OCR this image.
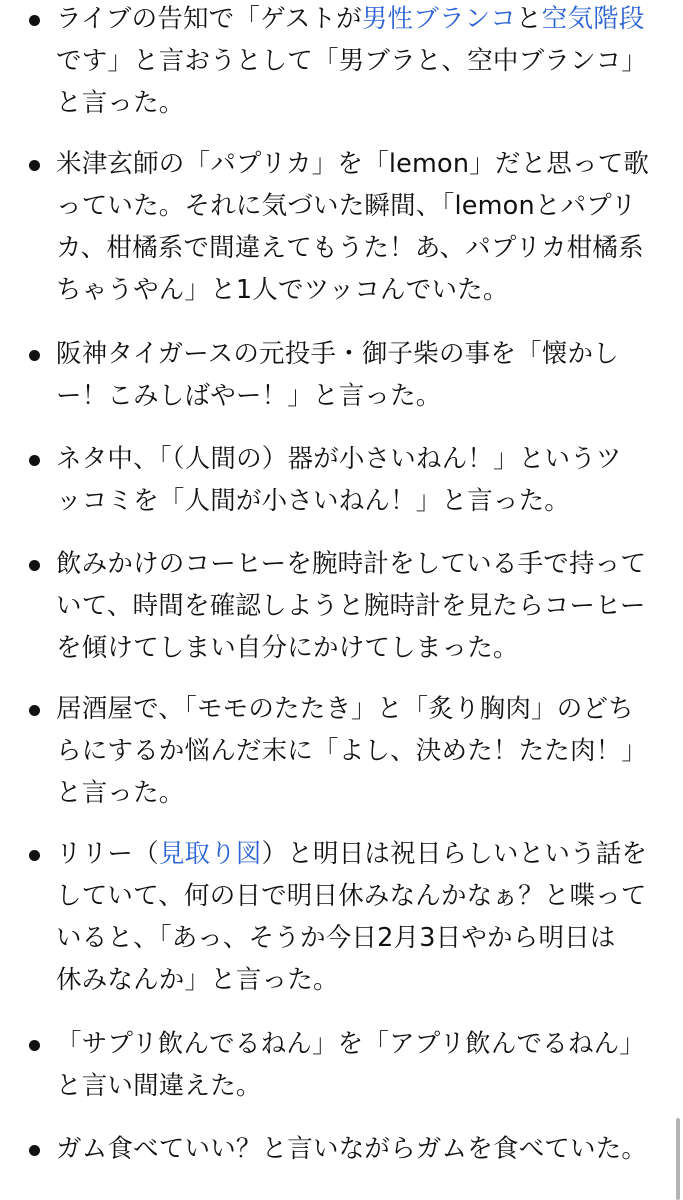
ライブの告知で「ゲストが男性ブランコと空気階段
です」と言おうとして「男ブラと、空中ブランコ」
と言った。
米津玄師の「パプリカ」を「lemon」だと思って歌
っていた。それに気づいた瞬間、「lemonとパプリ
カ、柑橘系で間違えてもうた！あ、パプリカ柑橘系
ちゃうやん」と1人でツッコんでいた。
阪神タイガースの元投手・御子柴の事を「懐かし
ー！こみしばやー！」と言った。
ネタ中、「（人間の）器が小さいねん！」というツ
ッコミを「人間が小さいねん！」と言った。
飲みかけのコーヒーを腕時計をしている手で持って
いて、時間を確認しようと腕時計を見たらコーヒー
を傾けてしまい自分にかけてしまった。
居酒屋で、「モモのたたき」と「炙り胸肉」のどち
らにするか悩んだ末に「よし、決めた！たた肉！」
と言った。
リリー（見取り図）と明日は祝日らしいという話を
していて、何の日で明日休みなんかなぁ？と喋って
いると、「あっ、そうか今日2月3日やから明日は
休みなんか」と言った。
「サプリ飲んでるねん」を「アプリ飲んでるねん」
と言い間違えた。
ガム食べていい？と言いながらガムを食べていた。
